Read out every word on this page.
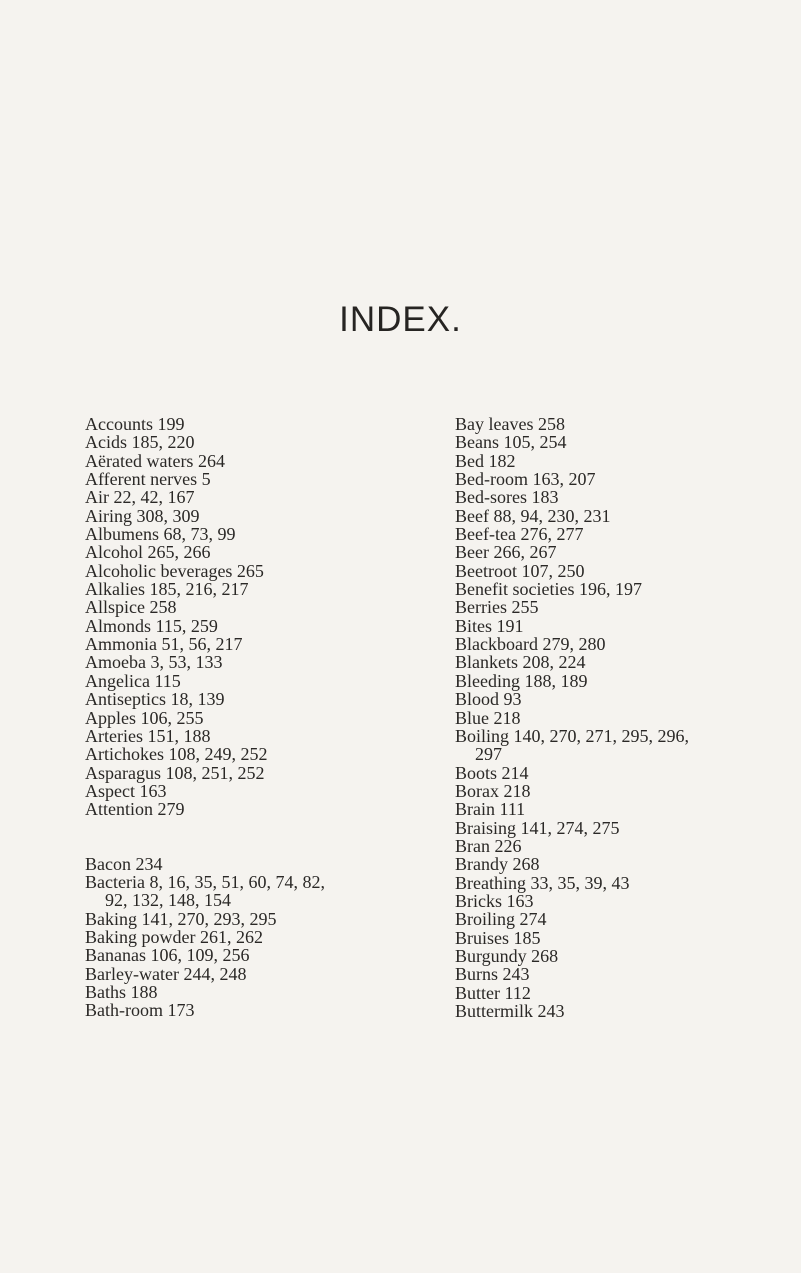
INDEX.
Accounts 199
Acids 185, 220
Aërated waters 264
Afferent nerves 5
Air 22, 42, 167
Airing 308, 309
Albumens 68, 73, 99
Alcohol 265, 266
Alcoholic beverages 265
Alkalies 185, 216, 217
Allspice 258
Almonds 115, 259
Ammonia 51, 56, 217
Amoeba 3, 53, 133
Angelica 115
Antiseptics 18, 139
Apples 106, 255
Arteries 151, 188
Artichokes 108, 249, 252
Asparagus 108, 251, 252
Aspect 163
Attention 279
Bacon 234
Bacteria 8, 16, 35, 51, 60, 74, 82,
92, 132, 148, 154
Baking 141, 270, 293, 295
Baking powder 261, 262
Bananas 106, 109, 256
Barley-water 244, 248
Baths 188
Bath-room 173
Bay leaves 258
Beans 105, 254
Bed 182
Bed-room 163, 207
Bed-sores 183
Beef 88, 94, 230, 231
Beef-tea 276, 277
Beer 266, 267
Beetroot 107, 250
Benefit societies 196, 197
Berries 255
Bites 191
Blackboard 279, 280
Blankets 208, 224
Bleeding 188, 189
Blood 93
Blue 218
Boiling 140, 270, 271, 295, 296,
297
Boots 214
Borax 218
Brain 111
Braising 141, 274, 275
Bran 226
Brandy 268
Breathing 33, 35, 39, 43
Bricks 163
Broiling 274
Bruises 185
Burgundy 268
Burns 243
Butter 112
Buttermilk 243
